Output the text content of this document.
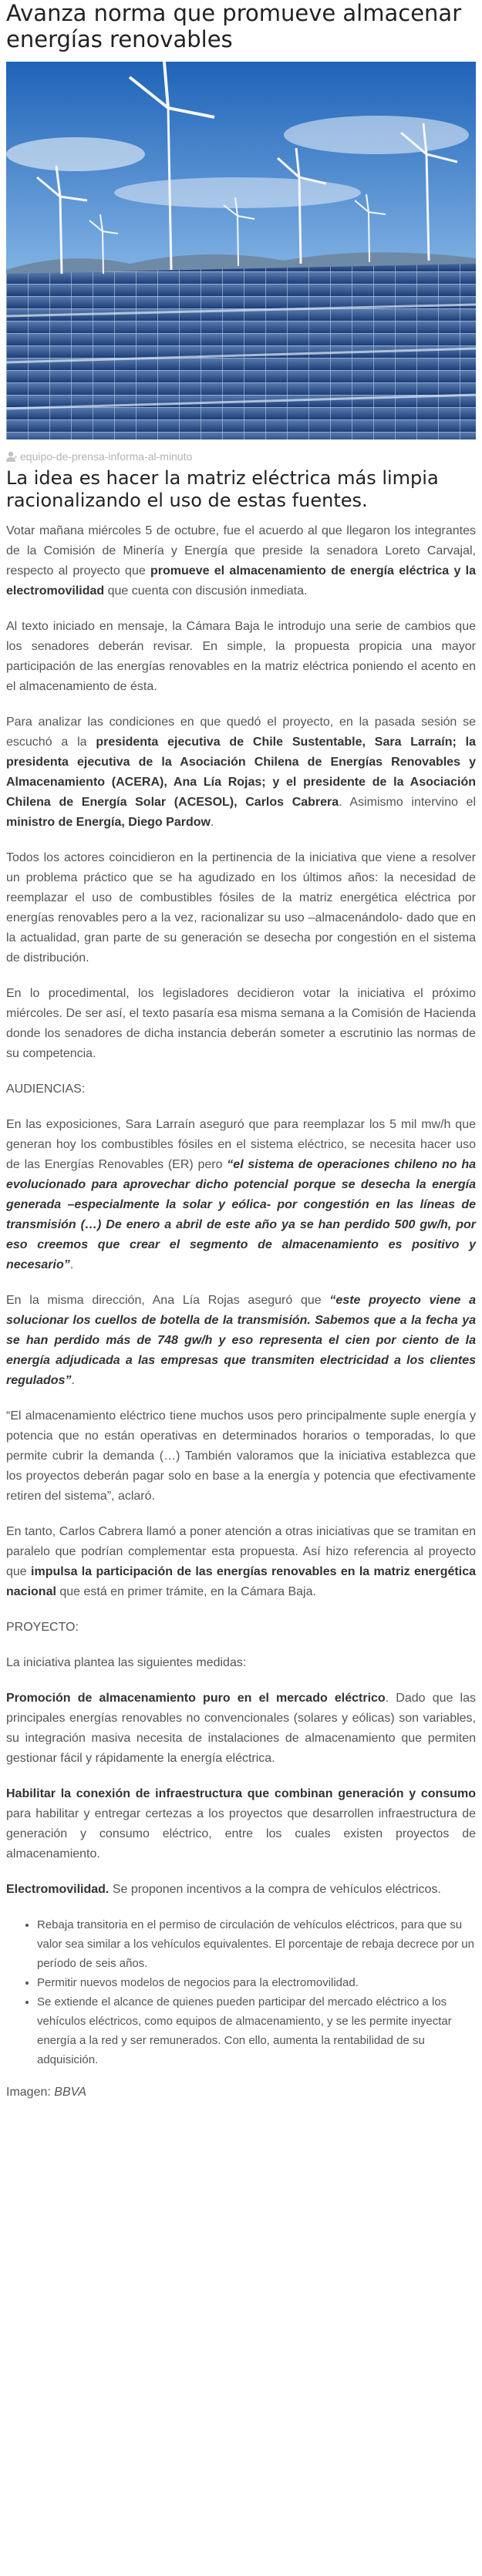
Avanza norma que promueve almacenar energías renovables
equipo-de-prensa-informa-al-minuto
La idea es hacer la matriz eléctrica más limpia racionalizando el uso de estas fuentes.

Votar mañana miércoles 5 de octubre, fue el acuerdo al que llegaron los integrantes de la Comisión de Minería y Energía que preside la senadora Loreto Carvajal, respecto al proyecto que promueve el almacenamiento de energía eléctrica y la electromovilidad que cuenta con discusión inmediata.

Al texto iniciado en mensaje, la Cámara Baja le introdujo una serie de cambios que los senadores deberán revisar. En simple, la propuesta propicia una mayor participación de las energías renovables en la matriz eléctrica poniendo el acento en el almacenamiento de ésta.

Para analizar las condiciones en que quedó el proyecto, en la pasada sesión se escuchó a la presidenta ejecutiva de Chile Sustentable, Sara Larraín; la presidenta ejecutiva de la Asociación Chilena de Energías Renovables y Almacenamiento (ACERA), Ana Lía Rojas; y el presidente de la Asociación Chilena de Energía Solar (ACESOL), Carlos Cabrera. Asimismo intervino el ministro de Energía, Diego Pardow.

Todos los actores coincidieron en la pertinencia de la iniciativa que viene a resolver un problema práctico que se ha agudizado en los últimos años: la necesidad de reemplazar el uso de combustibles fósiles de la matriz energética eléctrica por energías renovables pero a la vez, racionalizar su uso –almacenándolo- dado que en la actualidad, gran parte de su generación se desecha por congestión en el sistema de distribución.

En lo procedimental, los legisladores decidieron votar la iniciativa el próximo miércoles. De ser así, el texto pasaría esa misma semana a la Comisión de Hacienda donde los senadores de dicha instancia deberán someter a escrutinio las normas de su competencia.

AUDIENCIAS:

En las exposiciones, Sara Larraín aseguró que para reemplazar los 5 mil mw/h que generan hoy los combustibles fósiles en el sistema eléctrico, se necesita hacer uso de las Energías Renovables (ER) pero “el sistema de operaciones chileno no ha evolucionado para aprovechar dicho potencial porque se desecha la energía generada –especialmente la solar y eólica- por congestión en las líneas de transmisión (…) De enero a abril de este año ya se han perdido 500 gw/h, por eso creemos que crear el segmento de almacenamiento es positivo y necesario”.

En la misma dirección, Ana Lía Rojas aseguró que “este proyecto viene a solucionar los cuellos de botella de la transmisión. Sabemos que a la fecha ya se han perdido más de 748 gw/h y eso representa el cien por ciento de la energía adjudicada a las empresas que transmiten electricidad a los clientes regulados”.

“El almacenamiento eléctrico tiene muchos usos pero principalmente suple energía y potencia que no están operativas en determinados horarios o temporadas, lo que permite cubrir la demanda (…) También valoramos que la iniciativa establezca que los proyectos deberán pagar solo en base a la energía y potencia que efectivamente retiren del sistema”, aclaró.

En tanto, Carlos Cabrera llamó a poner atención a otras iniciativas que se tramitan en paralelo que podrían complementar esta propuesta. Así hizo referencia al proyecto que impulsa la participación de las energías renovables en la matriz energética nacional que está en primer trámite, en la Cámara Baja.

PROYECTO:

La iniciativa plantea las siguientes medidas:

Promoción de almacenamiento puro en el mercado eléctrico. Dado que las principales energías renovables no convencionales (solares y eólicas) son variables, su integración masiva necesita de instalaciones de almacenamiento que permiten gestionar fácil y rápidamente la energía eléctrica.

Habilitar la conexión de infraestructura que combinan generación y consumo para habilitar y entregar certezas a los proyectos que desarrollen infraestructura de generación y consumo eléctrico, entre los cuales existen proyectos de almacenamiento.

Electromovilidad. Se proponen incentivos a la compra de vehículos eléctricos.

• Rebaja transitoria en el permiso de circulación de vehículos eléctricos, para que su valor sea similar a los vehículos equivalentes. El porcentaje de rebaja decrece por un período de seis años.
• Permitir nuevos modelos de negocios para la electromovilidad.
• Se extiende el alcance de quienes pueden participar del mercado eléctrico a los vehículos eléctricos, como equipos de almacenamiento, y se les permite inyectar energía a la red y ser remunerados. Con ello, aumenta la rentabilidad de su adquisición.
Imagen: BBVA
